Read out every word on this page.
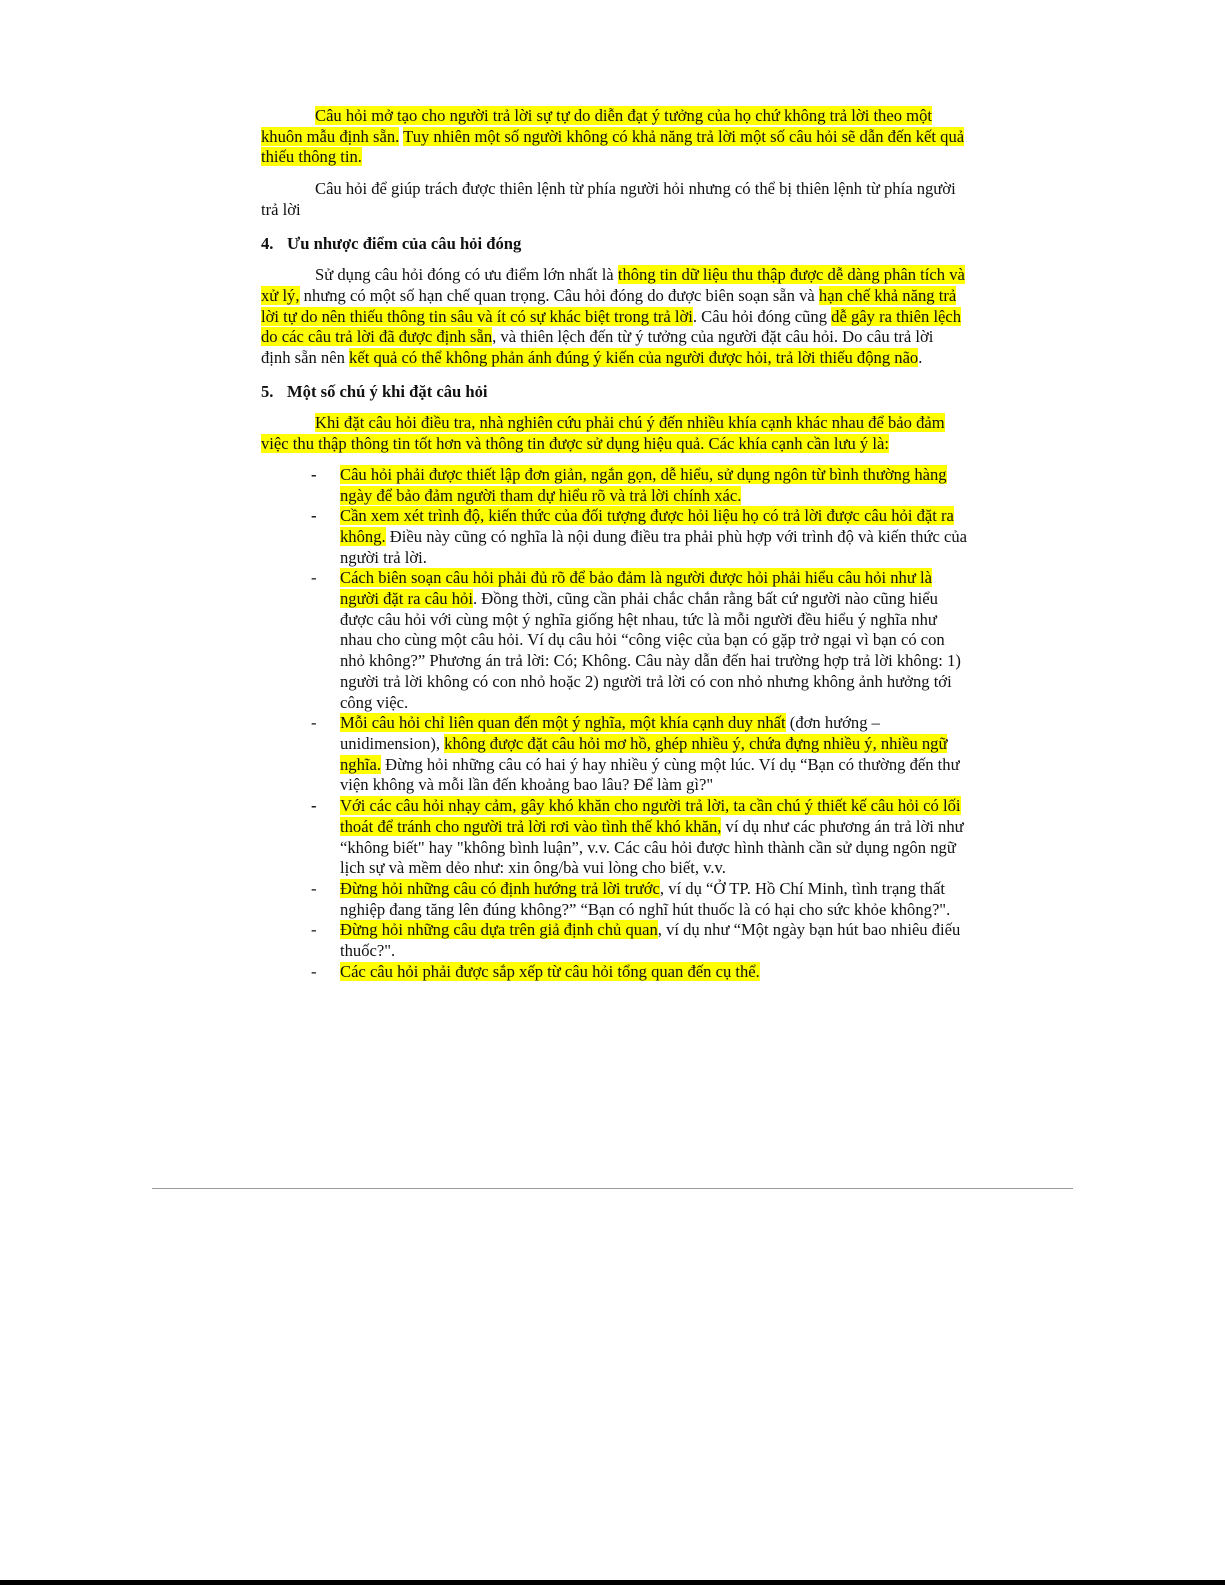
Câu hỏi mở tạo cho người trả lời sự tự do diễn đạt ý tưởng của họ chứ không trả lời theo một khuôn mẫu định sẵn. Tuy nhiên một số người không có khả năng trả lời một số câu hỏi sẽ dẫn đến kết quả thiếu thông tin.

Câu hỏi để giúp trách được thiên lệnh từ phía người hỏi nhưng có thể bị thiên lệnh từ phía người trả lời

4. Ưu nhược điểm của câu hỏi đóng

Sử dụng câu hỏi đóng có ưu điểm lớn nhất là thông tin dữ liệu thu thập được dễ dàng phân tích và xử lý, nhưng có một số hạn chế quan trọng. Câu hỏi đóng do được biên soạn sẵn và hạn chế khả năng trả lời tự do nên thiếu thông tin sâu và ít có sự khác biệt trong trả lời. Câu hỏi đóng cũng dễ gây ra thiên lệch do các câu trả lời đã được định sẵn, và thiên lệch đến từ ý tưởng của người đặt câu hỏi. Do câu trả lời định sẵn nên kết quả có thể không phản ánh đúng ý kiến của người được hỏi, trả lời thiếu động não.

5. Một số chú ý khi đặt câu hỏi

Khi đặt câu hỏi điều tra, nhà nghiên cứu phải chú ý đến nhiều khía cạnh khác nhau để bảo đảm việc thu thập thông tin tốt hơn và thông tin được sử dụng hiệu quả. Các khía cạnh cần lưu ý là:

- Câu hỏi phải được thiết lập đơn giản, ngắn gọn, dễ hiểu, sử dụng ngôn từ bình thường hàng ngày để bảo đảm người tham dự hiểu rõ và trả lời chính xác.
- Cần xem xét trình độ, kiến thức của đối tượng được hỏi liệu họ có trả lời được câu hỏi đặt ra không. Điều này cũng có nghĩa là nội dung điều tra phải phù hợp với trình độ và kiến thức của người trả lời.
- Cách biên soạn câu hỏi phải đủ rõ để bảo đảm là người được hỏi phải hiểu câu hỏi như là người đặt ra câu hỏi. Đồng thời, cũng cần phải chắc chắn rằng bất cứ người nào cũng hiểu được câu hỏi với cùng một ý nghĩa giống hệt nhau, tức là mỗi người đều hiểu ý nghĩa như nhau cho cùng một câu hỏi. Ví dụ câu hỏi “công việc của bạn có gặp trở ngại vì bạn có con nhỏ không?” Phương án trả lời: Có; Không. Câu này dẫn đến hai trường hợp trả lời không: 1) người trả lời không có con nhỏ hoặc 2) người trả lời có con nhỏ nhưng không ảnh hưởng tới công việc.
- Mỗi câu hỏi chỉ liên quan đến một ý nghĩa, một khía cạnh duy nhất (đơn hướng – unidimension), không được đặt câu hỏi mơ hồ, ghép nhiều ý, chứa đựng nhiều ý, nhiều ngữ nghĩa. Đừng hỏi những câu có hai ý hay nhiều ý cùng một lúc. Ví dụ “Bạn có thường đến thư viện không và mỗi lần đến khoảng bao lâu? Để làm gì?"
- Với các câu hỏi nhạy cảm, gây khó khăn cho người trả lời, ta cần chú ý thiết kế câu hỏi có lối thoát để tránh cho người trả lời rơi vào tình thế khó khăn, ví dụ như các phương án trả lời như “không biết" hay "không bình luận”, v.v. Các câu hỏi được hình thành cần sử dụng ngôn ngữ lịch sự và mềm dẻo như: xin ông/bà vui lòng cho biết, v.v.
- Đừng hỏi những câu có định hướng trả lời trước, ví dụ “Ở TP. Hồ Chí Minh, tình trạng thất nghiệp đang tăng lên đúng không?” “Bạn có nghĩ hút thuốc là có hại cho sức khỏe không?".
- Đừng hỏi những câu dựa trên giả định chủ quan, ví dụ như “Một ngày bạn hút bao nhiêu điếu thuốc?".
- Các câu hỏi phải được sắp xếp từ câu hỏi tổng quan đến cụ thể.
